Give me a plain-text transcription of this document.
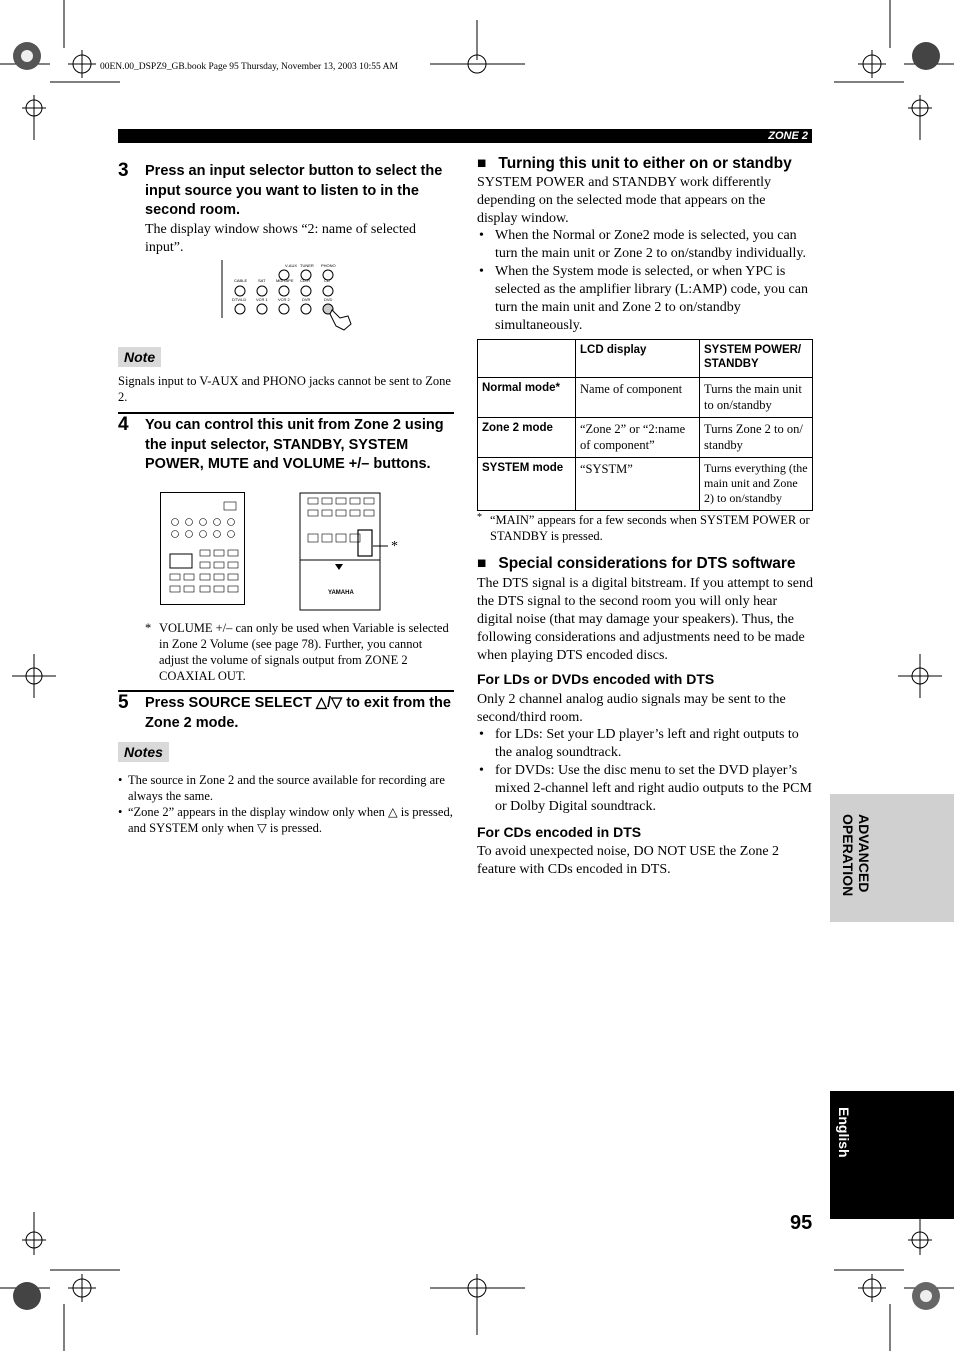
00EN.00_DSPZ9_GB.book Page 95 Thursday, November 13, 2003 10:55 AM
ZONE 2
3 Press an input selector button to select the input source you want to listen to in the second room.
The display window shows “2: name of selected input”.
V-AUX TUNER PHONO
CABLE	SAT	MD/TAPE CD-R	CD
DTV/LD VCR 1	VCR 2	DVR	DVD
Note
Signals input to V-AUX and PHONO jacks cannot be sent to Zone 2.
4 You can control this unit from Zone 2 using the input selector, STANDBY, SYSTEM POWER, MUTE and VOLUME +/– buttons.
YAMAHA
*
* VOLUME +/– can only be used when Variable is selected in Zone 2 Volume (see page 78). Further, you cannot adjust the volume of signals output from ZONE 2 COAXIAL OUT.
5 Press SOURCE SELECT △/▽ to exit from the Zone 2 mode.
Notes
• The source in Zone 2 and the source available for recording are always the same.
• “Zone 2” appears in the display window only when △ is pressed, and SYSTEM only when ▽ is pressed.
■ Turning this unit to either on or standby
SYSTEM POWER and STANDBY work differently depending on the selected mode that appears on the display window.
• When the Normal or Zone2 mode is selected, you can turn the main unit or Zone 2 to on/standby individually.
• When the System mode is selected, or when YPC is selected as the amplifier library (L:AMP) code, you can turn the main unit and Zone 2 to on/standby simultaneously.
	LCD display	SYSTEM POWER/ STANDBY
Normal mode*	Name of component	Turns the main unit to on/standby
Zone 2 mode	“Zone 2” or “2:name of component”	Turns Zone 2 to on/ standby
SYSTEM mode	“SYSTM”	Turns everything (the main unit and Zone 2) to on/standby
* “MAIN” appears for a few seconds when SYSTEM POWER or STANDBY is pressed.
■ Special considerations for DTS software
The DTS signal is a digital bitstream. If you attempt to send the DTS signal to the second room you will only hear digital noise (that may damage your speakers). Thus, the following considerations and adjustments need to be made when playing DTS encoded discs.
For LDs or DVDs encoded with DTS
Only 2 channel analog audio signals may be sent to the second/third room.
• for LDs: Set your LD player’s left and right outputs to the analog soundtrack.
• for DVDs: Use the disc menu to set the DVD player’s mixed 2-channel left and right audio outputs to the PCM or Dolby Digital soundtrack.
For CDs encoded in DTS
To avoid unexpected noise, DO NOT USE the Zone 2 feature with CDs encoded in DTS.	ADVANCED OPERATION
English
95
